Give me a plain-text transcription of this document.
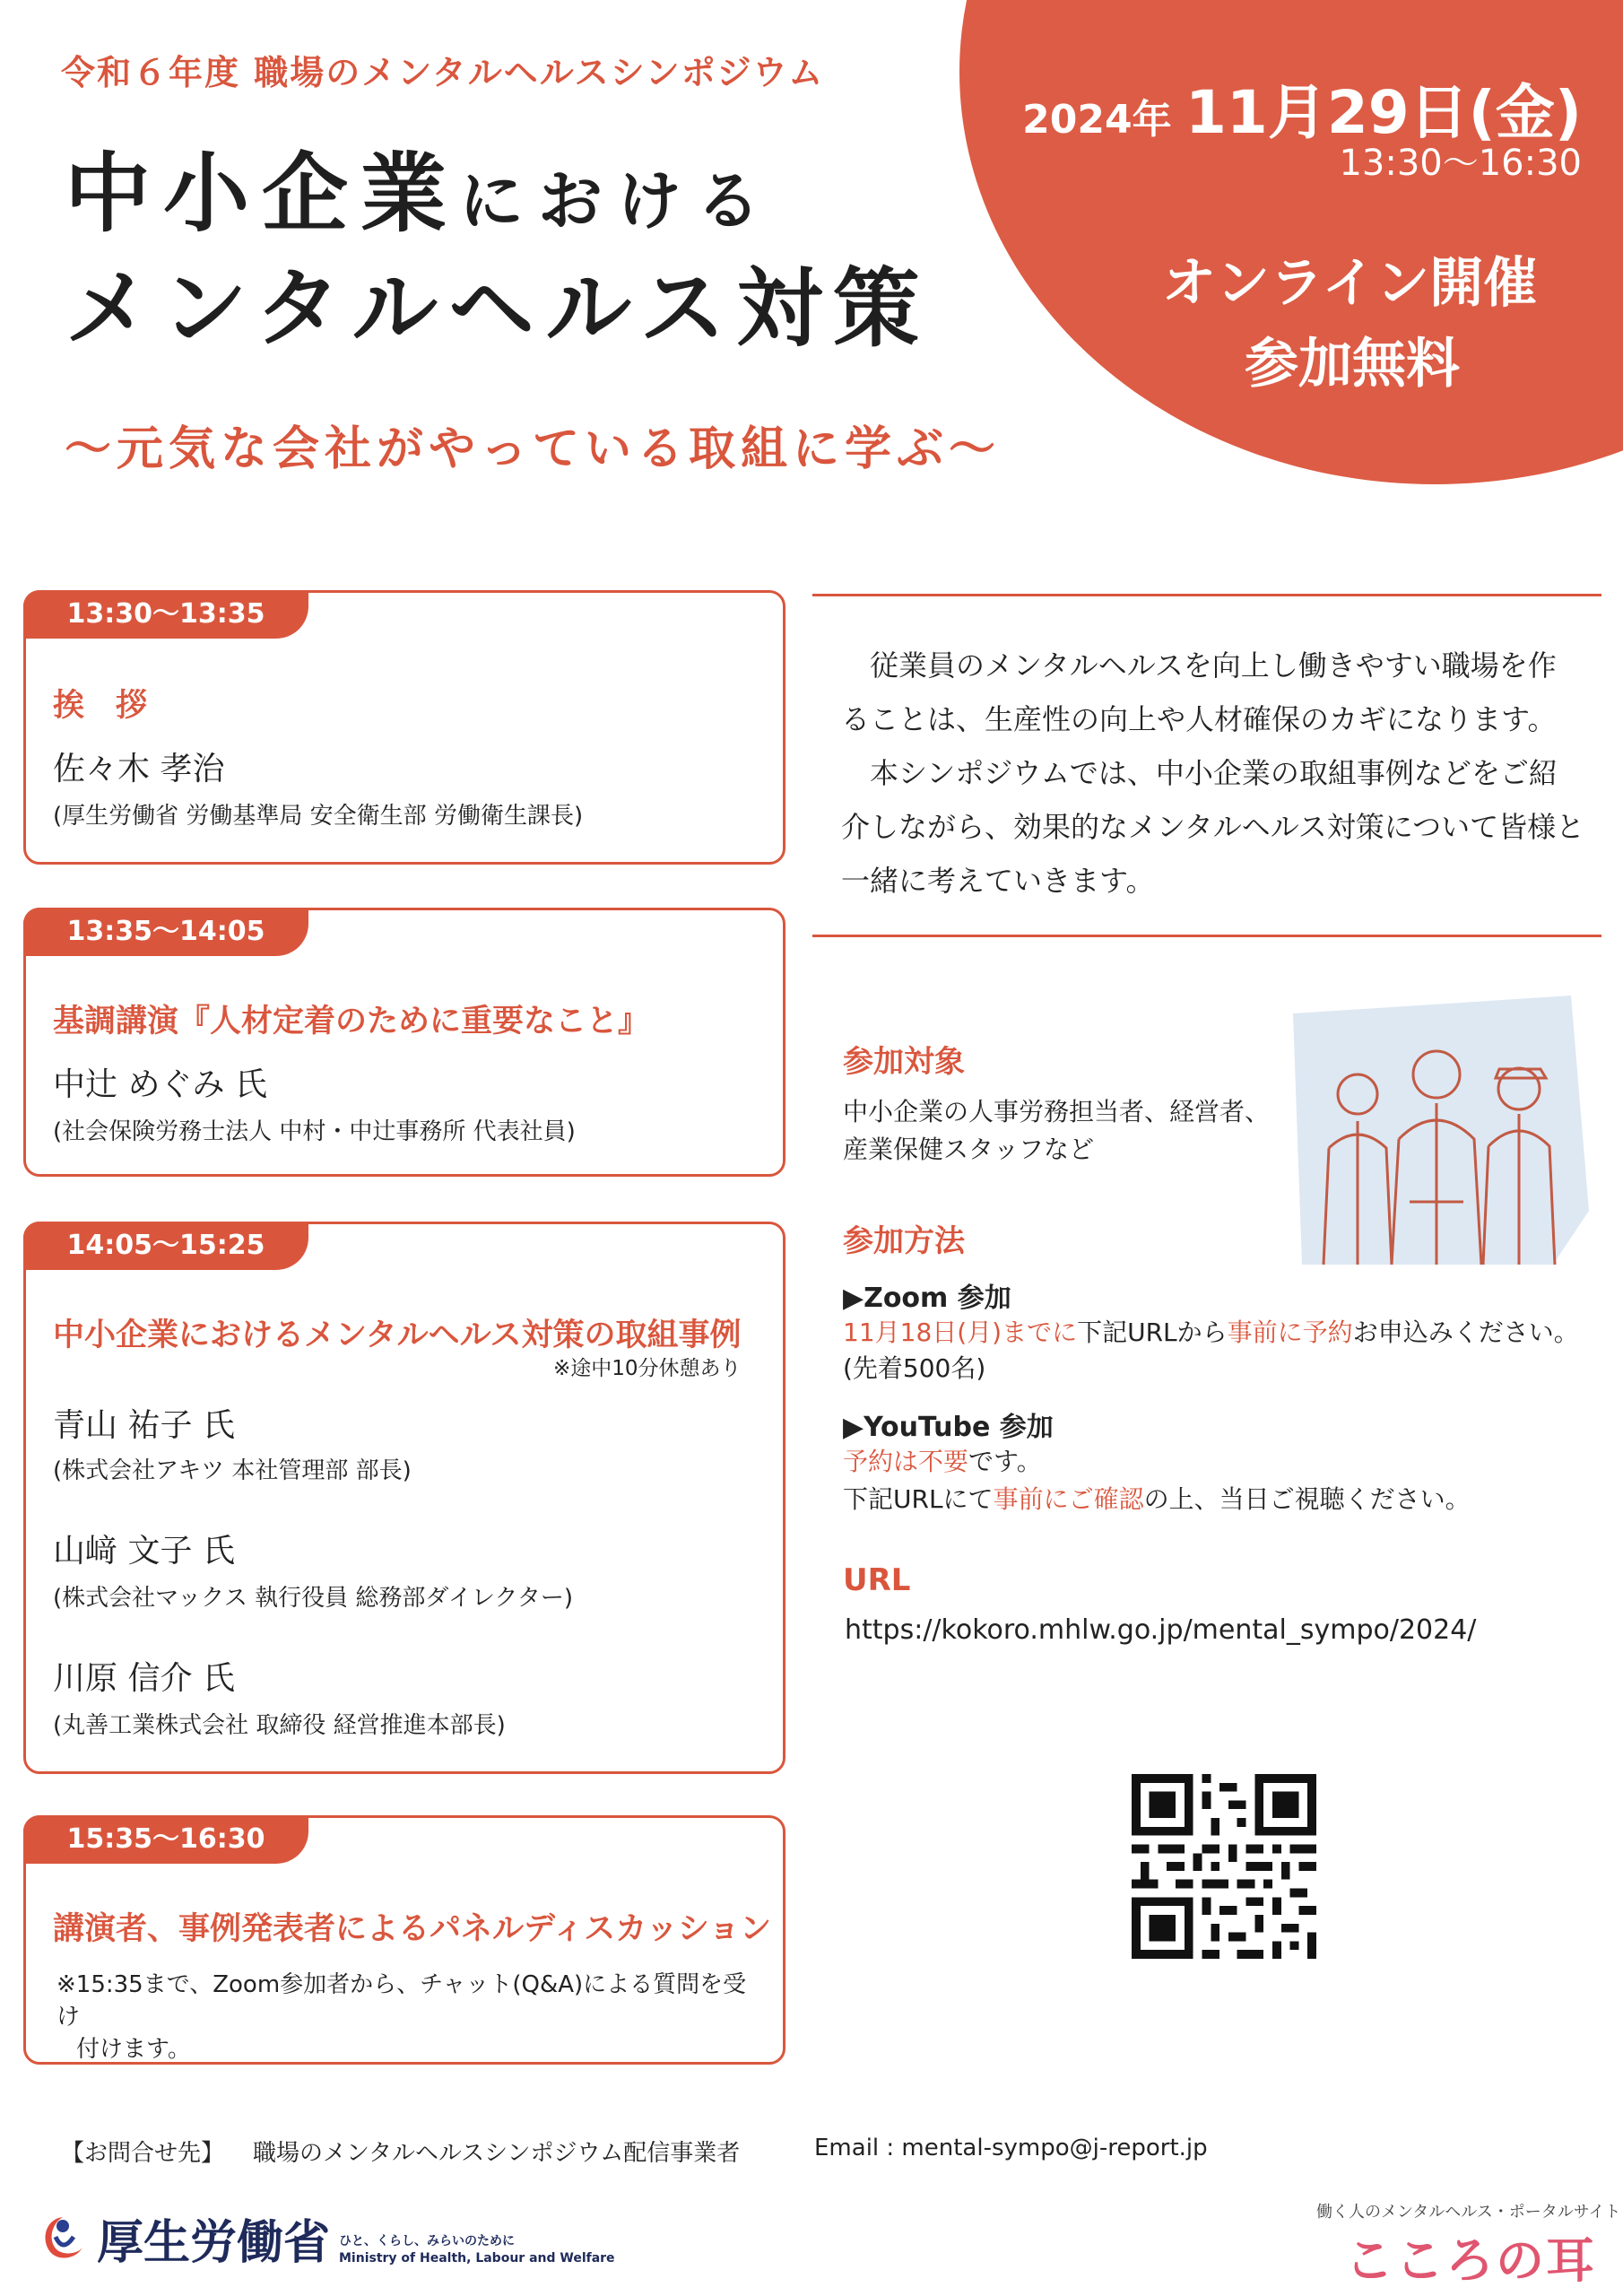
令和６年度 職場のメンタルヘルスシンポジウム
中小企業における
メンタルヘルス対策
〜元気な会社がやっている取組に学ぶ〜
2024年 11月29日(金)
13:30〜16:30
オンライン開催
参加無料
13:30〜13:35
挨　拶
佐々木 孝治
(厚生労働省 労働基準局 安全衛生部 労働衛生課長)
13:35〜14:05
基調講演『人材定着のために重要なこと』
中辻 めぐみ 氏
(社会保険労務士法人 中村・中辻事務所 代表社員)
14:05〜15:25
中小企業におけるメンタルヘルス対策の取組事例
※途中10分休憩あり
青山 祐子 氏
(株式会社アキツ 本社管理部 部長)
山﨑 文子 氏
(株式会社マックス 執行役員 総務部ダイレクター)
川原 信介 氏
(丸善工業株式会社 取締役 経営推進本部長)
15:35〜16:30
講演者、事例発表者によるパネルディスカッション
※15:35まで、Zoom参加者から、チャット(Q&A)による質問を受け
付けます。

従業員のメンタルヘルスを向上し働きやすい職場を作

ることは、生産性の向上や人材確保のカギになります。

本シンポジウムでは、中小企業の取組事例などをご紹

介しながら、効果的なメンタルヘルス対策について皆様と
一緒に考えていきます。
参加対象
中小企業の人事労務担当者、経営者、
産業保健スタッフなど
参加方法
▶Zoom 参加
11月18日(月)までに下記URLから事前に予約お申込みください。
(先着500名)
▶YouTube 参加
予約は不要です。
下記URLにて事前にご確認の上、当日ご視聴ください。
URL
https://kokoro.mhlw.go.jp/mental_sympo/2024/
【お問合せ先】 職場のメンタルヘルスシンポジウム配信事業者	Email : mental-sympo@j-report.jp
厚生労働省 ひと、くらし、みらいのために
Ministry of Health, Labour and Welfare
働く人のメンタルヘルス・ポータルサイト
こころの耳
